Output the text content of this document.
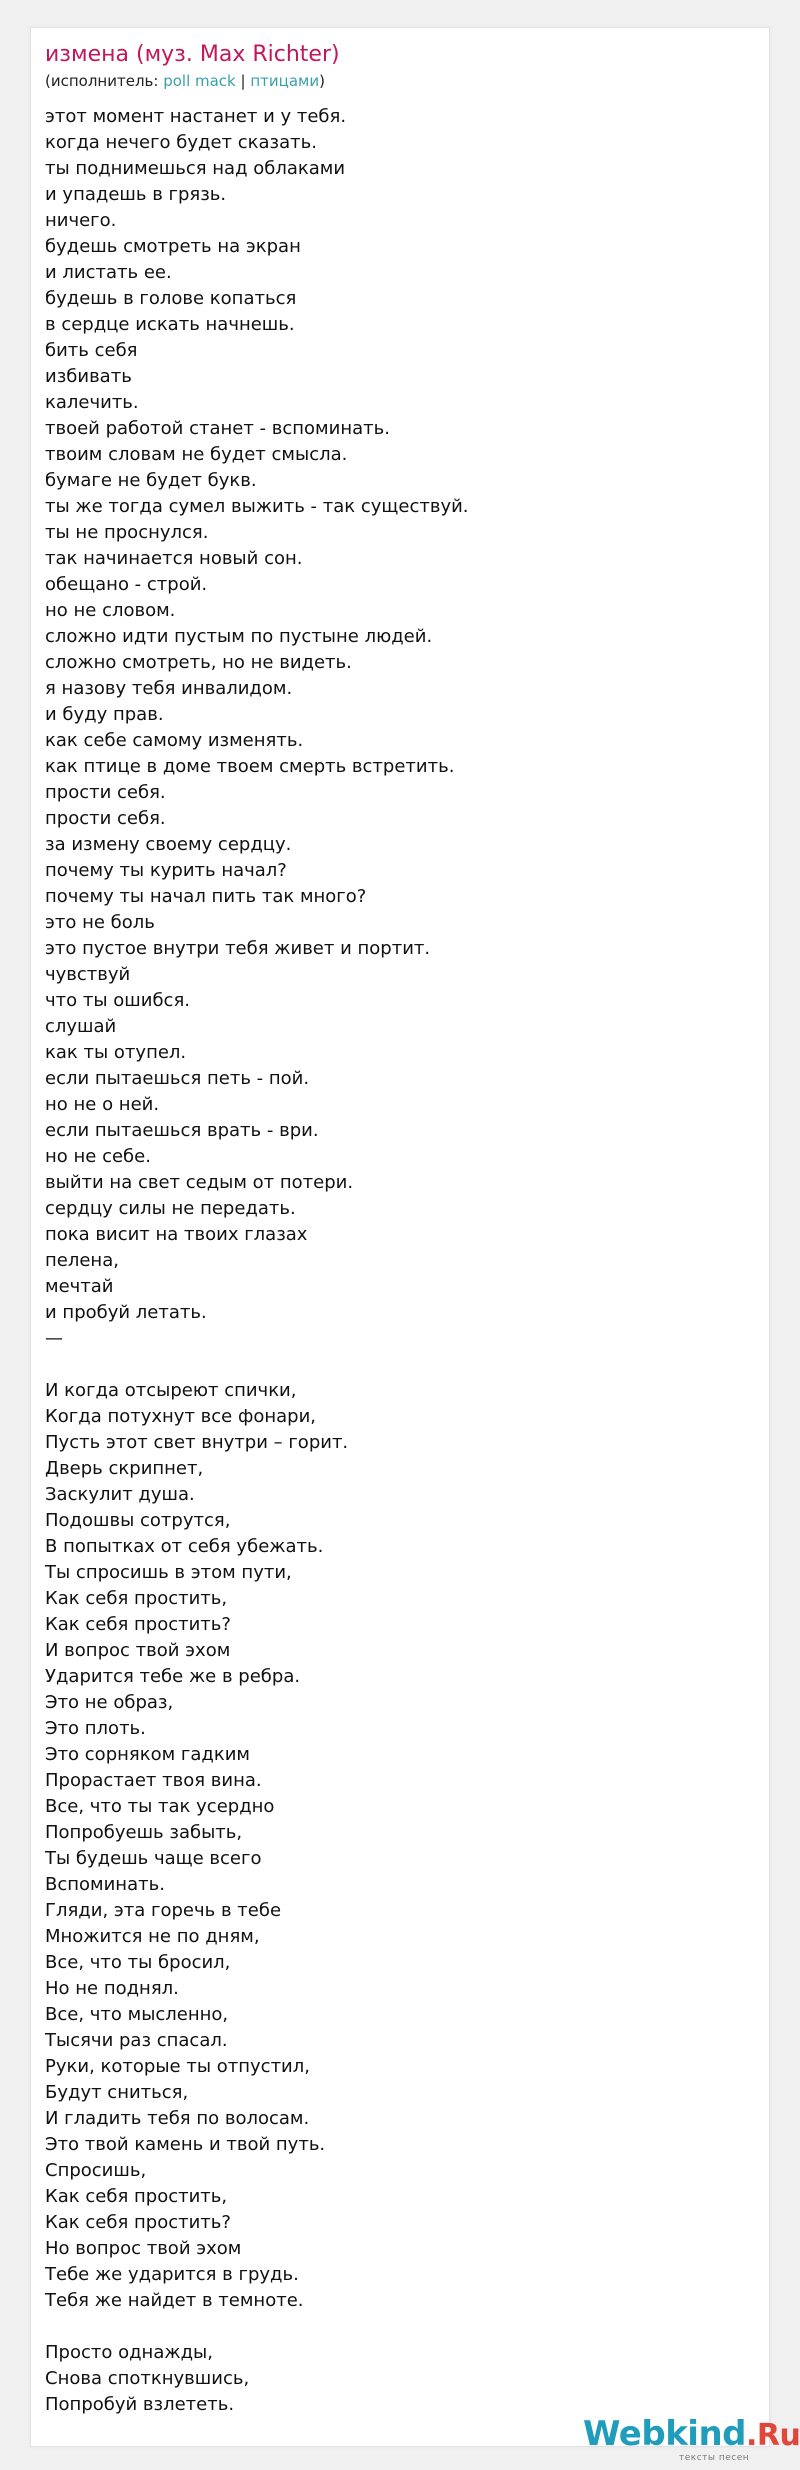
измена (муз. Max Richter)
(исполнитель: poll mack | птицами)
этот момент настанет и у тебя.
когда нечего будет сказать.
ты поднимешься над облаками
и упадешь в грязь.
ничего.
будешь смотреть на экран
и листать ее.
будешь в голове копаться
в сердце искать начнешь.
бить себя
избивать
калечить.
твоей работой станет - вспоминать.
твоим словам не будет смысла.
бумаге не будет букв.
ты же тогда сумел выжить - так существуй.
ты не проснулся.
так начинается новый сон.
обещано - строй.
но не словом.
сложно идти пустым по пустыне людей.
сложно смотреть, но не видеть.
я назову тебя инвалидом.
и буду прав.
как себе самому изменять.
как птице в доме твоем смерть встретить.
прости себя.
прости себя.
за измену своему сердцу.
почему ты курить начал?
почему ты начал пить так много?
это не боль
это пустое внутри тебя живет и портит.
чувствуй
что ты ошибся.
слушай
как ты отупел.
если пытаешься петь - пой.
но не о ней.
если пытаешься врать - ври.
но не себе.
выйти на свет седым от потери.
сердцу силы не передать.
пока висит на твоих глазах
пелена,
мечтай
и пробуй летать.
—
И когда отсыреют спички,
Когда потухнут все фонари,
Пусть этот свет внутри – горит.
Дверь скрипнет,
Заскулит душа.
Подошвы сотрутся,
В попытках от себя убежать.
Ты спросишь в этом пути,
Как себя простить,
Как себя простить?
И вопрос твой эхом
Ударится тебе же в ребра.
Это не образ,
Это плоть.
Это сорняком гадким
Прорастает твоя вина.
Все, что ты так усердно
Попробуешь забыть,
Ты будешь чаще всего
Вспоминать.
Гляди, эта горечь в тебе
Множится не по дням,
Все, что ты бросил,
Но не поднял.
Все, что мысленно,
Тысячи раз спасал.
Руки, которые ты отпустил,
Будут сниться,
И гладить тебя по волосам.
Это твой камень и твой путь.
Спросишь,
Как себя простить,
Как себя простить?
Но вопрос твой эхом
Тебе же ударится в грудь.
Тебя же найдет в темноте.
Просто однажды,
Снова споткнувшись,
Попробуй взлететь.
Webkind.Ru
тексты песен
